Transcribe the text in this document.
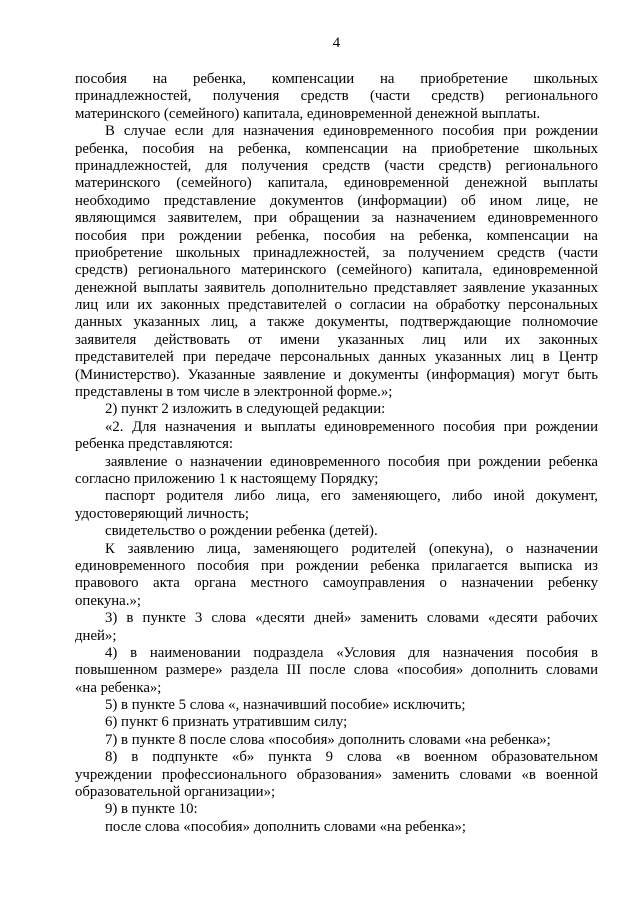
4
пособия на ребенка, компенсации на приобретение школьных
принадлежностей, получения средств (части средств) регионального
материнского (семейного) капитала, единовременной денежной выплаты.
В случае если для назначения единовременного пособия при рождении
ребенка, пособия на ребенка, компенсации на приобретение школьных
принадлежностей, для получения средств (части средств) регионального
материнского (семейного) капитала, единовременной денежной выплаты
необходимо представление документов (информации) об ином лице, не
являющимся заявителем, при обращении за назначением единовременного
пособия при рождении ребенка, пособия на ребенка, компенсации на
приобретение школьных принадлежностей, за получением средств (части
средств) регионального материнского (семейного) капитала, единовременной
денежной выплаты заявитель дополнительно представляет заявление указанных
лиц или их законных представителей о согласии на обработку персональных
данных указанных лиц, а также документы, подтверждающие полномочие
заявителя действовать от имени указанных лиц или их законных
представителей при передаче персональных данных указанных лиц в Центр
(Министерство). Указанные заявление и документы (информация) могут быть
представлены в том числе в электронной форме.»;
2) пункт 2 изложить в следующей редакции:
«2. Для назначения и выплаты единовременного пособия при рождении
ребенка представляются:
заявление о назначении единовременного пособия при рождении ребенка
согласно приложению 1 к настоящему Порядку;
паспорт родителя либо лица, его заменяющего, либо иной документ,
удостоверяющий личность;
свидетельство о рождении ребенка (детей).
К заявлению лица, заменяющего родителей (опекуна), о назначении
единовременного пособия при рождении ребенка прилагается выписка из
правового акта органа местного самоуправления о назначении ребенку
опекуна.»;
3) в пункте 3 слова «десяти дней» заменить словами «десяти рабочих
дней»;
4) в наименовании подраздела «Условия для назначения пособия в
повышенном размере» раздела III после слова «пособия» дополнить словами
«на ребенка»;
5) в пункте 5 слова «, назначивший пособие» исключить;
6) пункт 6 признать утратившим силу;
7) в пункте 8 после слова «пособия» дополнить словами «на ребенка»;
8) в подпункте «б» пункта 9 слова «в военном образовательном
учреждении профессионального образования» заменить словами «в военной
образовательной организации»;
9) в пункте 10:
после слова «пособия» дополнить словами «на ребенка»;
